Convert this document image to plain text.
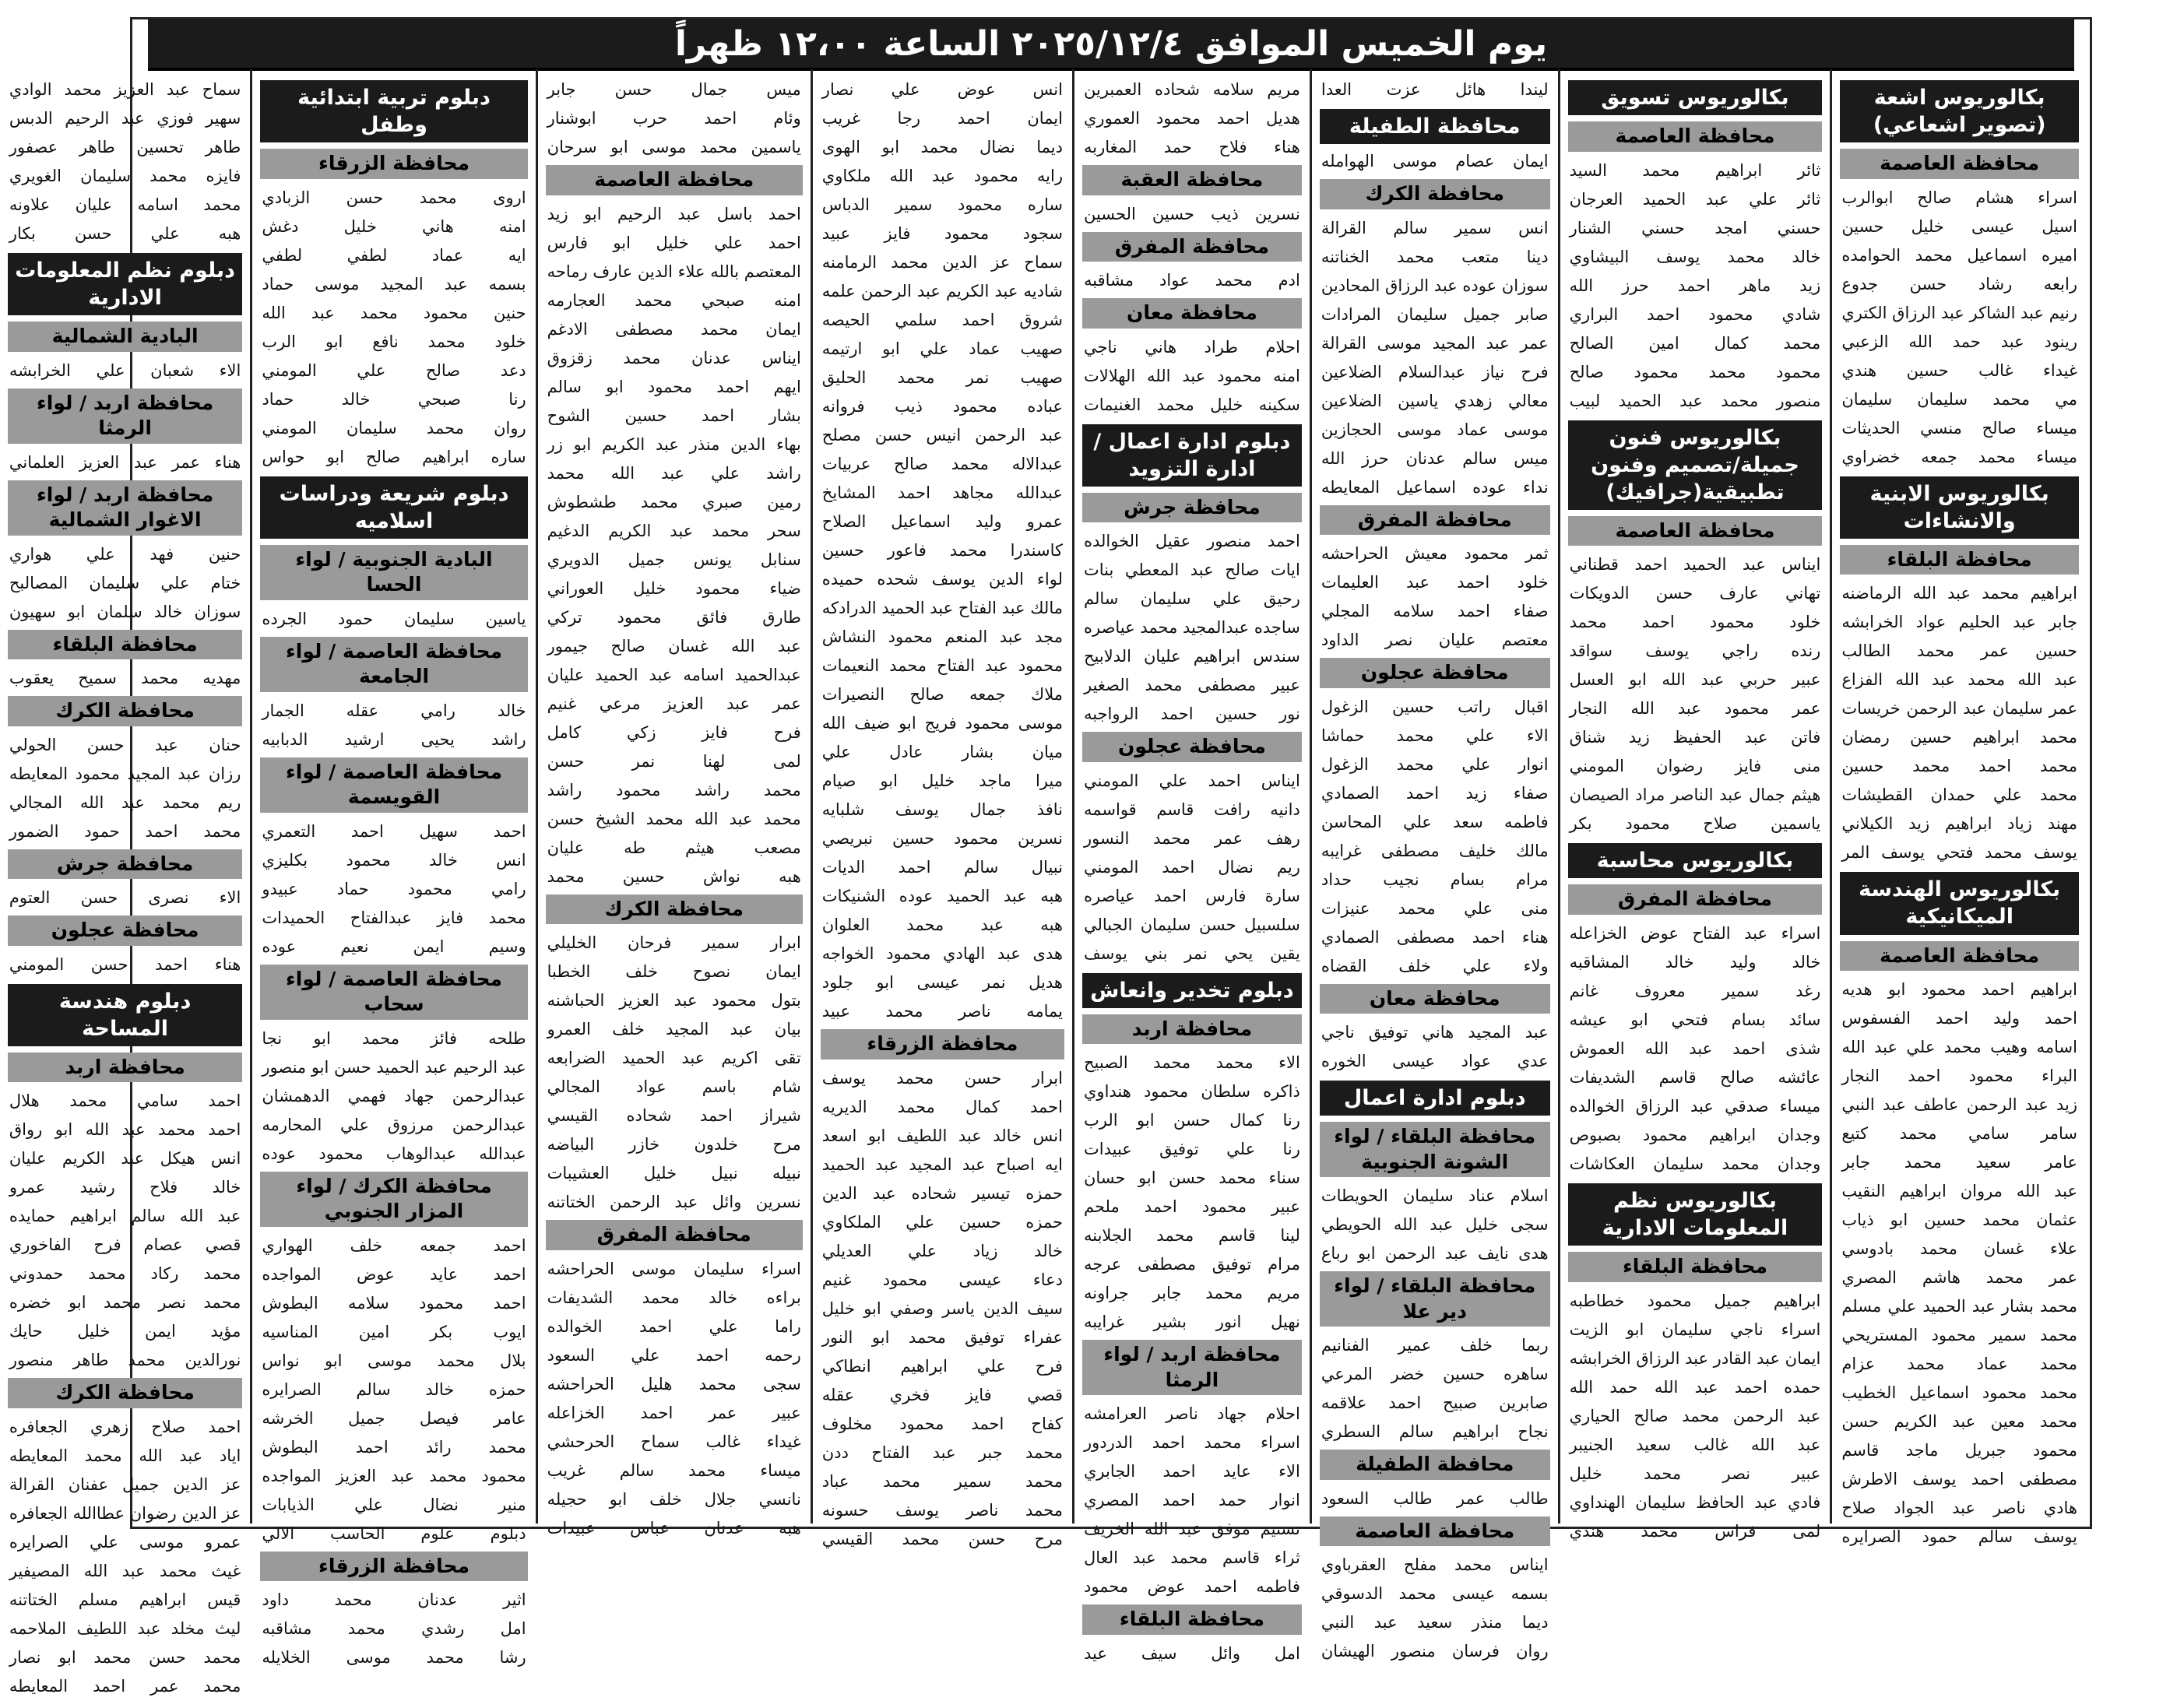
يوم الخميس الموافق ٢٠٢٥/١٢/٤ الساعة ١٢،٠٠ ظهراً
بكالوريوس اشعة (تصوير اشعاعي)
محافظة العاصمة
اسراء هشام صالح ابوالرب
اسيل عيسى خليل حسين
اميره اسماعيل محمد الحوامده
رابعه رشاد حسن جدوع
رنيم عبد الشاكر عبد الرزاق الكتري
رينود عبد حمد الله الزعبي
غيداء غالب حسين هندي
مي محمد سليمان سليمان
ميساء صالح منسي الحديثات
ميساء محمد جمعه خضراوي
بكالوريوس الابنية والانشاءات
محافظة البلقاء
ابراهيم محمد عبد الله الرماضنه
جابر عبد الحليم عواد الخرابشه
حسين عمر محمد الطالب
عبد الله محمد عبد الله الفزاع
عمر سليمان عبد الرحمن خريسات
محمد ابراهيم حسين رمضان
محمد احمد محمد حسين
محمد علي حمدان القطيشات
مهند زياد ابراهيم زيد الكيلاني
يوسف محمد فتحي يوسف المر
بكالوريوس الهندسة الميكانيكية
محافظة العاصمة
ابراهيم احمد محمود ابو هديه
احمد وليد احمد الفسفوس
اسامه وهيب محمد علي عبد الله
البراء محمود احمد النجار
زيد عبد الرحمن عاطف عبد النبي
سامر سامي محمد كتيع
عامر سعيد محمد جابر
عبد الله مروان ابراهيم النقيب
عثمان محمد حسين ابو ذياب
علاء غسان محمد بادوسي
عمر محمد هاشم المصري
محمد بشار عبد الحميد علي مسلم
محمد سمير محمود المستريحي
محمد عماد محمد عزام
محمد محمود اسماعيل الخطيب
محمد معين عبد الكريم حسن
محمود جبريل ماجد قاسم
مصطفى احمد يوسف الاطرش
هادي ناصر عبد الجواد صلاح
يوسف سالم حمود الصرايره
بكالوريوس تسويق
محافظة العاصمة
ثائر ابراهيم محمد السيد
ثائر علي عبد الحميد العرجان
حسني امجد حسني الشنار
خالد محمد يوسف البيشاوي
زيد ماهر احمد حرز الله
شادي محمود احمد البراري
محمد كمال امين الصالح
محمود محمد محمود صالح
منصور محمد عبد الحميد لبيب
بكالوريوس فنون جميلة/تصميم وفنون تطبيقية(جرافيك)
محافظة العاصمة
ايناس عبد الحميد احمد قطناني
تهاني عارف حسن الدويكات
خلود محمود احمد محمد
رنده راجي يوسف سواقد
عبير حربي عبد الله ابو العسل
عمر محمود عبد الله النجار
فاتن عبد الحفيظ زيد شناق
منى فايز رضوان المومني
هيثم جمال عبد الناصر مراد الصيصان
ياسمين صلاح محمود بكر
بكالوريوس محاسبة
محافظة المفرق
اسراء عبد الفتاح عوض الخزاعله
خالد وليد خالد المشاقبه
رغد سمير معروف غانم
سائد بسام فتحي ابو عيشه
شذى احمد عبد الله العموش
عائشه صالح قاسم الشديفات
ميساء صدقي عبد الرزاق الخوالده
وجدان ابراهيم محمود بصبوص
وجدان محمد سليمان العكاشات
بكالوريوس نظم المعلومات الادارية
محافظة البلقاء
ابراهيم جميل محمود خطاطبه
اسراء ناجي سليمان ابو الزيت
ايمان عبد القادر عبد الرزاق الخرابشه
حمده احمد عبد الله حمد الله
عبد الرحمن محمد صالح الحياري
عبد الله غالب سعيد الجنيبر
عبير نصر محمد خليل
فادي عبد الحافظ سليمان الهنداوي
لمى فراس محمد هندي
ليندا هائل عزت العدا
محافظة الطفيلة
ايمان عصام موسى الهوامله
محافظة الكرك
انس سمير سالم القرالة
دينا متعب محمد الخناتنه
سوزان عوده عبد الرزاق المحادين
صابر جميل سليمان المرادات
عمر عبد المجيد موسى القرالة
فرح نياز عبدالسلام الضلاعين
معالي زهدي ياسين الضلاعين
موسى عماد موسى الحجازين
ميس سالم عدنان حرز الله
نداء عوده اسماعيل المعايطه
محافظة المفرق
ثمر محمود معيش الحراحشه
خلود احمد عبد العليمات
صفاء احمد سلامه المجلي
معتصم عليان نصر الداود
محافظة عجلون
اقبال راتب حسين الزغول
الاء علي محمد حماشا
انوار علي محمد الزغول
صفاء زيد احمد الصمادي
فاطمه سعد علي المحاسن
مالك خليف مصطفى غرايبه
مرام بسام نجيب حداد
منى علي محمد عنيزات
هناء احمد مصطفى الصمادي
ولاء علي خلف القضاه
محافظة معان
عبد المجيد هاني توفيق ناجي
عدي عواد عيسى الخوره
دبلوم ادارة اعمال
محافظة البلقاء / لواء الشونة الجنوبية
اسلام عناد سليمان الحويطات
سجى خليل عبد الله الحويطي
هدى نايف عبد الرحمن ابو رباع
محافظة البلقاء / لواء دير علا
ربما خلف عمير الفنانيم
ساهره حسين خضر المرعي
صابرين صبيح احمد علاقمه
نجاح ابراهيم سالم السطري
محافظة الطفيلة
طالب عمر طالب السعود
محافظة العاصمة
ايناس محمد مفلح العقرباوي
بسمه عيسى محمد الدسوقي
ديما منذر سعيد عبد النبي
روان فرسان منصور الهيشان
مريم سلامه شحاده العمبرين
هديل احمد محمود العموري
هناء فلاح حمد المغاربه
محافظة العقبة
نسرين ذيب حسين الحسين
محافظة المفرق
ادم محمد عواد مشاقبه
محافظة معان
احلام طراد هاني ناجي
امنه محمود عبد الله الهلالات
سكينه خليل محمد الغنيمات
دبلوم ادارة اعمال / ادارة التزويد
محافظة جرش
احمد منصور عقيل الخوالده
ايات صالح عبد المعطي بنات
رحيق علي سليمان سالم
ساجده عبدالمجيد محمد عياصره
سندس ابراهيم عليان الدلابيح
عبير مصطفى محمد الصغير
نور حسين احمد الرواجبه
محافظة عجلون
ايناس احمد علي المومني
دانيه رافت قاسم قواسمه
رهف عمر محمد النسور
ريم نضال احمد المومني
سارة فارس احمد عياصره
سلسبيل حسن سليمان الجبالي
يقين يحي نمر بني يوسف
دبلوم تخدير وانعاش
محافظة اربد
الاء محمد محمد الصبيح
ذاكره سلطان محمود هنداوي
رنا كمال حسن ابو الرب
رنا علي توفيق عبيدات
سناء محمد حسن ابو حسان
عبير محمود احمد ملحم
لينا قاسم محمد الجلابنه
مرام توفيق مصطفى عرجه
مريم محمد جابر جراونه
نهيل انور بشير غرايبه
محافظة اربد / لواء الرمثا
احلام جهاد ناصر العرامشه
اسراء محمد احمد الدردور
الاء عايد احمد الجابري
انوار حمد احمد المصري
تسنيم موفق عبد الله الخريف
ثراء قاسم محمد عبد العال
فاطمه احمد عوض محمود
محافظة البلقاء
امل وائل سيف عيد
انس عوض علي نصار
ايمان احمد رجا غريب
ديما نضال محمد ابو الهوى
رايه محمود عبد الله ملكاوي
ساره محمود سمير الدباس
سجود محمود فايز عبيد
سماح عز الدين محمد الرمامنه
شاديه عبد الكريم عبد الرحمن علمه
شروق احمد سلمي الحيصه
صهيب عماد علي ابو ارتيمه
صهيب نمر محمد الحليق
عباده محمود ذيب فروانه
عبد الرحمن انيس حسن مصلح
عبدالاله محمد صالح عربيات
عبدالله مجاهد احمد المشايخ
عمرو وليد اسماعيل الصلاح
كاسندرا محمد فاعور حسين
لواء الدين يوسف شحده حميده
مالك عبد الفتاح عبد الحميد الدرادكه
مجد عبد المنعم محمود النشاش
محمود عبد الفتاح محمد النعيمات
ملاك جمعه صالح النصيرات
موسى محمود فريج ابو ضيف الله
ميان بشار عادل علي
ميرا ماجد خليل ابو صيام
نافذ جمال يوسف شلبايه
نسرين محمود حسين نبريصي
نبيال سالم احمد الديات
هبه عبد الحميد عوده الشنيكات
هبه عبد محمد العلوان
هدى عبد الهادي محمود الخواجه
هديل نمر عيسى ابو جلود
يمامه ناصر محمد عبيد
محافظة الزرقاء
ابرار حسن محمد يوسف
احمد كمال محمد الديريه
انس خالد عبد اللطيف ابو اسعد
ايه اصباح عبد المجيد عبد الحميد
حمزه تيسير شحاده عبد الدين
حمزه حسين علي الملكاوي
خالد زياد علي العديلي
دعاء عيسى محمود غنيم
سيف الدين ياسر وصفي ابو خليل
عفراء توفيق محمد ابو النور
فرح علي ابراهيم انطاكي
قصي فايز فخري عقله
كفاح احمد محمود مخلوف
محمد جبر عبد الفتاح ددن
محمد سمير محمد عباد
محمد ناصر يوسف حسونه
مرح حسن محمد القيسي
ميس جمال حسن جابر
وئام احمد حرب ابوشنار
ياسمين محمد موسى ابو سرحان
محافظة العاصمة
احمد باسل عبد الرحيم ابو زيد
احمد علي خليل ابو فارس
المعتصم بالله علاء الدين عارف رماحه
امنه صبحي محمد العجارمه
ايمان محمد مصطفى الادغم
ايناس عدنان محمد زقزوق
ايهم احمد محمود ابو سالم
بشار احمد حسين الشوح
بهاء الدين منذر عبد الكريم ابو زر
راشد علي عبد الله محمد
رمين صبري محمد طشطوش
سحر محمد عبد الكريم الدغيم
سنابل يونس جميل الدويري
ضياء محمود خليل العوراني
طارق فائق محمود تركي
عبد الله غسان صالح جيمور
عبدالحميد اسامه عبد الحميد عليان
عمر عبد العزيز مرعي غنيم
فرح فايز زكي كامل
لمى لهنا نمر حسن
محمد راشد محمود راشد
محمد عبد الله محمد الشيخ حسن
مصعب هيثم طه عليان
هبه نواش حسين محمد
محافظة الكرك
ابرار سمير فرحان الخليلي
ايمان نصوح خلف الخطبا
بتول محمود عبد العزيز الحباشنه
بيان عبد المجيد خلف العمرو
تقى اكريم عبد الحميد الضرابعه
شام باسم عواد المجالي
شيراز احمد شحاده القيسي
مرح خلدون خازر البياضه
نبيله نبيل خليل العشيبات
نسرين وائل عبد الرحمن الختاتنه
محافظة المفرق
اسراء سليمان موسى الحراحشه
براءه خالد محمد الشديفات
راما علي احمد الخوالده
رحمه احمد علي السعود
سجى محمد هليل الحراحشه
عبير عمر احمد الخزاعله
غيداء غالب سماح الحرحشي
ميساء محمد سالم غريب
نانسي جلال خلف ابو حجيله
هبه عدنان عباس عبيدات
دبلوم تربية ابتدائية وطفل
محافظة الزرقاء
اروى محمد حسن الزبادي
امنه هاني خليل دغش
ايه عماد لطفي لطفي
بسمه عبد المجيد موسى حماد
حنين محمود محمد عبد الله
خلود محمد نافع ابو الرب
دعد صالح علي المومني
رنا صبحي خالد حماد
روان محمد سليمان المومني
ساره ابراهيم صالح ابو حواس
دبلوم شريعة ودراسات اسلاميه
البادية الجنوبية / لواء الحسا
ياسين سليمان حمود الجرده
محافظة العاصمة / لواء الجامعة
خالد رامي عقله الجمار
راشد يحيى ارشيد الدبابيه
محافظة العاصمة / لواء القويسمة
احمد سهيل احمد التعمري
انس خالد محمود بكليزي
رامي محمود حماد عبيدو
محمد فايز عبدالفتاح الحميدات
وسيم ايمن نعيم عوده
محافظة العاصمة / لواء سحاب
طلحه فائز محمد ابو نجا
عبد الرحيم عبد الحميد حسن ابو منصور
عبدالرحمن جهاد فهمي الدهمشان
عبدالرحمن مرزوق علي المحارمه
عبدالله عبدالوهاب محمود عوده
محافظة الكرك / لواء المزار الجنوبي
احمد جمعه خلف الهواري
احمد عايد عوض المواجده
احمد محمود سلامه البطوش
ايوب بكر امين المناسيه
بلال محمد موسى ابو نواس
حمزه خالد سالم الصرايره
عامر فيصل جميل الخرشه
محمد رائد احمد البطوش
محمود محمد عبد العزيز المواجده
منير نضال علي الذيابات
دبلوم علوم الحاسب الالي
محافظة الزرقاء
اثير عدنان محمد داود
امل رشدي محمد مشاقبه
رشا محمد موسى الخلايله
سماح عبد العزيز محمد الوادي
سهير فوزي عبد الرحيم الدبس
طاهر تحسين طاهر عصفور
فايزه محمد سليمان الغويري
محمد اسامه عليان علاونه
هبه علي حسن بكار
دبلوم نظم المعلومات الادارية
البادية الشمالية
الاء شعبان علي الخرابشه
محافظة اربد / لواء الرمثا
هناء عمر عبد العزيز العلماني
محافظة اربد / لواء الاغوار الشمالية
حنين فهد علي هواري
ختام علي سليمان المصالبح
سوزان خالد سلمان ابو سهيون
محافظة البلقاء
مهديه محمد سميح يعقوب
محافظة الكرك
حنان عبد حسن الحولي
رزان عبد المجيد محمود المعايطه
ريم محمد عبد الله المجالي
محمد احمد حمود الضمور
محافظة جرش
الاء نصرى حسن العتوم
محافظة عجلون
هناء احمد حسن المومني
دبلوم هندسة المساحة
محافظة اربد
احمد سامي محمد هلال
احمد محمد عبد الله ابو رواق
انس هيكل عبد الكريم عليان
خالد فلاح رشيد عمرو
عبد الله سالم ابراهيم حمايده
قصي عصام فرح الفاخوري
محمد ركاد محمد حمدوني
محمد نصر محمد ابو خضره
مؤيد ايمن خليل حايك
نورالدين محمد طاهر منصور
محافظة الكرك
احمد صلاح زهري الجعافره
اياد عبد الله محمد المعايطه
عز الدين جميل عفنان القرالة
عز الدين رضوان عطاالله الجعافره
عمرو موسى علي الصرايره
غيث محمد عبد الله المصيفير
قيس ابراهيم مسلم الختاتنه
ليث مخلد عبد اللطيف الملاحمه
محمد حسن محمد ابو نصار
محمد عمر احمد المعايطه
